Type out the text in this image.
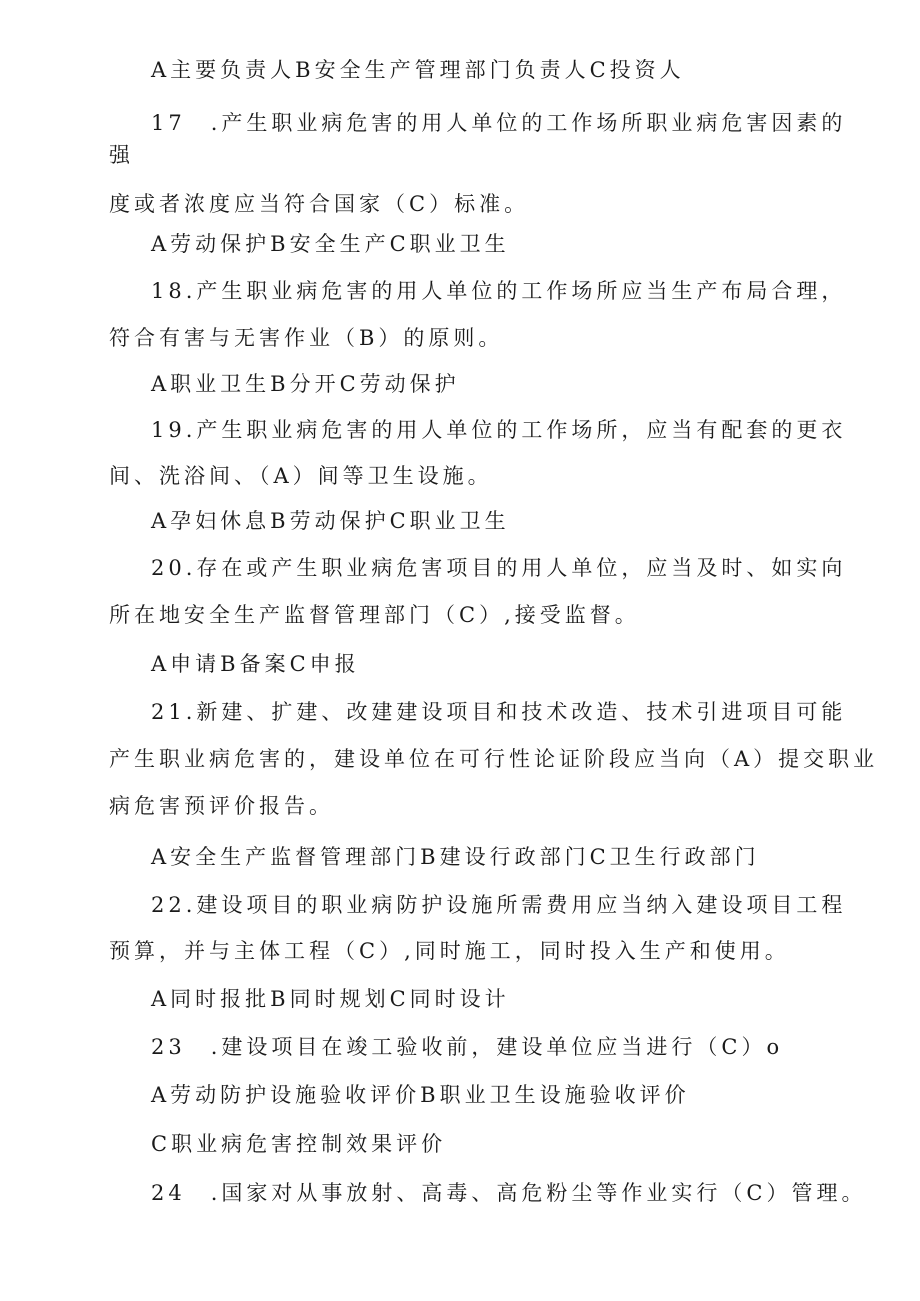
A主要负责人B安全生产管理部门负责人C投资人
17　.产生职业病危害的用人单位的工作场所职业病危害因素的
强
度或者浓度应当符合国家（C）标准。
A劳动保护B安全生产C职业卫生
18.产生职业病危害的用人单位的工作场所应当生产布局合理，
符合有害与无害作业（B）的原则。
A职业卫生B分开C劳动保护
19.产生职业病危害的用人单位的工作场所，应当有配套的更衣
间、洗浴间、（A）间等卫生设施。
A孕妇休息B劳动保护C职业卫生
20.存在或产生职业病危害项目的用人单位，应当及时、如实向
所在地安全生产监督管理部门（C）,接受监督。
A申请B备案C申报
21.新建、扩建、改建建设项目和技术改造、技术引进项目可能
产生职业病危害的，建设单位在可行性论证阶段应当向（A）提交职业
病危害预评价报告。
A安全生产监督管理部门B建设行政部门C卫生行政部门
22.建设项目的职业病防护设施所需费用应当纳入建设项目工程
预算，并与主体工程（C）,同时施工，同时投入生产和使用。
A同时报批B同时规划C同时设计
23　.建设项目在竣工验收前，建设单位应当进行（C）o
A劳动防护设施验收评价B职业卫生设施验收评价
C职业病危害控制效果评价
24　.国家对从事放射、高毒、高危粉尘等作业实行（C）管理。
